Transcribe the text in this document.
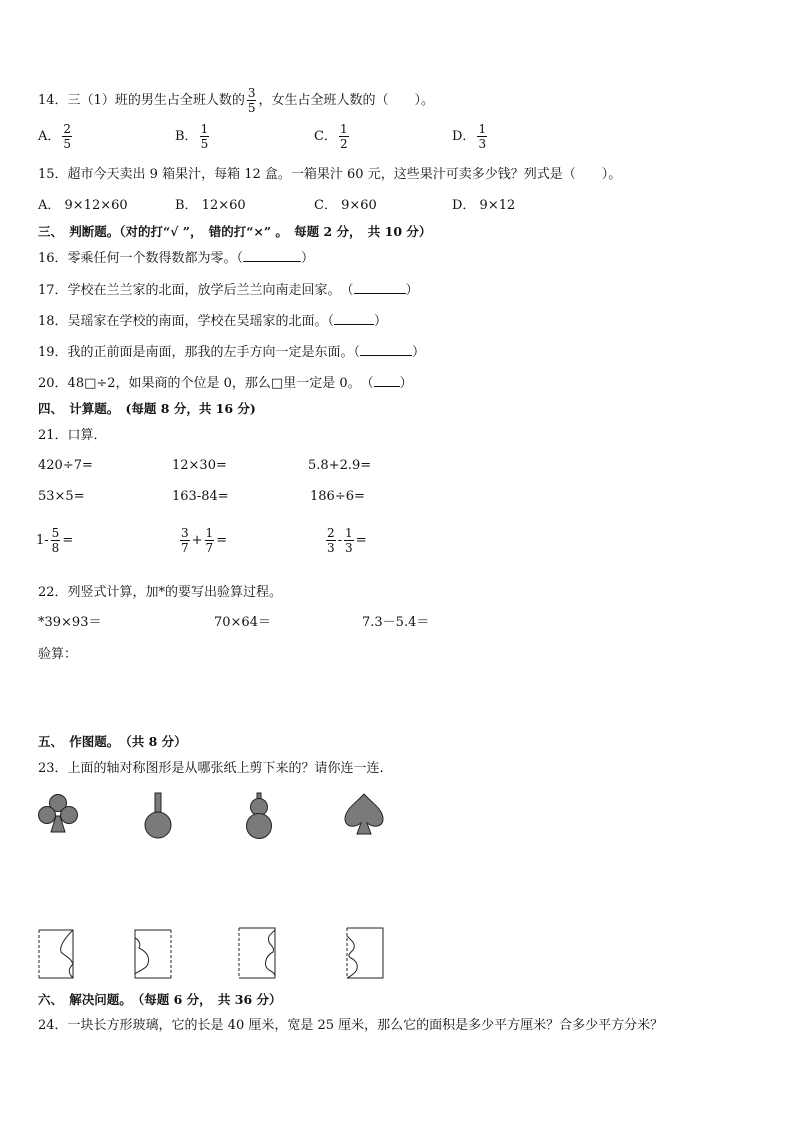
14．三（1）班的男生占全班人数的 $\frac{3}{5}$ ，女生占全班人数的（　　）。
A． $\frac{2}{5}$	B． $\frac{1}{5}$	C． $\frac{1}{2}$	D． $\frac{1}{3}$
15．超市今天卖出 9 箱果汁，每箱 12 盒。一箱果汁 60 元，这些果汁可卖多少钱？列式是（　　）。
A． 9×12×60	B． 12×60	C． 9×60	D． 9×12
三、　判断题。（对的打“√ ”，　错的打“×” 。　每题 2 分，　共 10 分）
16．零乘任何一个数得数都为零。（	）
17．学校在兰兰家的北面，放学后兰兰向南走回家。　（	）
18．吴瑶家在学校的南面，学校在吴瑶家的北面。（	）
19．我的正前面是南面，那我的左手方向一定是东面。（	）
20．48□÷2，如果商的个位是 0，那么□里一定是 0。　（ ）
四、　计算题。　(每题 8 分，共 16 分)
21．口算．
420÷7=	12×30=	5.8+2.9=
53×5=	163-84=	186÷6=
$1- \frac{5}{8}$ =	$\frac{3}{7} + \frac{1}{7}$ =	$\frac{2}{3} - \frac{1}{3}$ =
22．列竖式计算，加*的要写出验算过程。
*39×93＝	70×64＝	7.3－5.4＝
验算：
五、　作图题。　（共 8 分）
23．上面的轴对称图形是从哪张纸上剪下来的？请你连一连.
六、　解决问题。　（每题 6 分，　共 36 分）
24．一块长方形玻璃，它的长是 40 厘米，宽是 25 厘米，那么它的面积是多少平方厘米？合多少平方分米？
